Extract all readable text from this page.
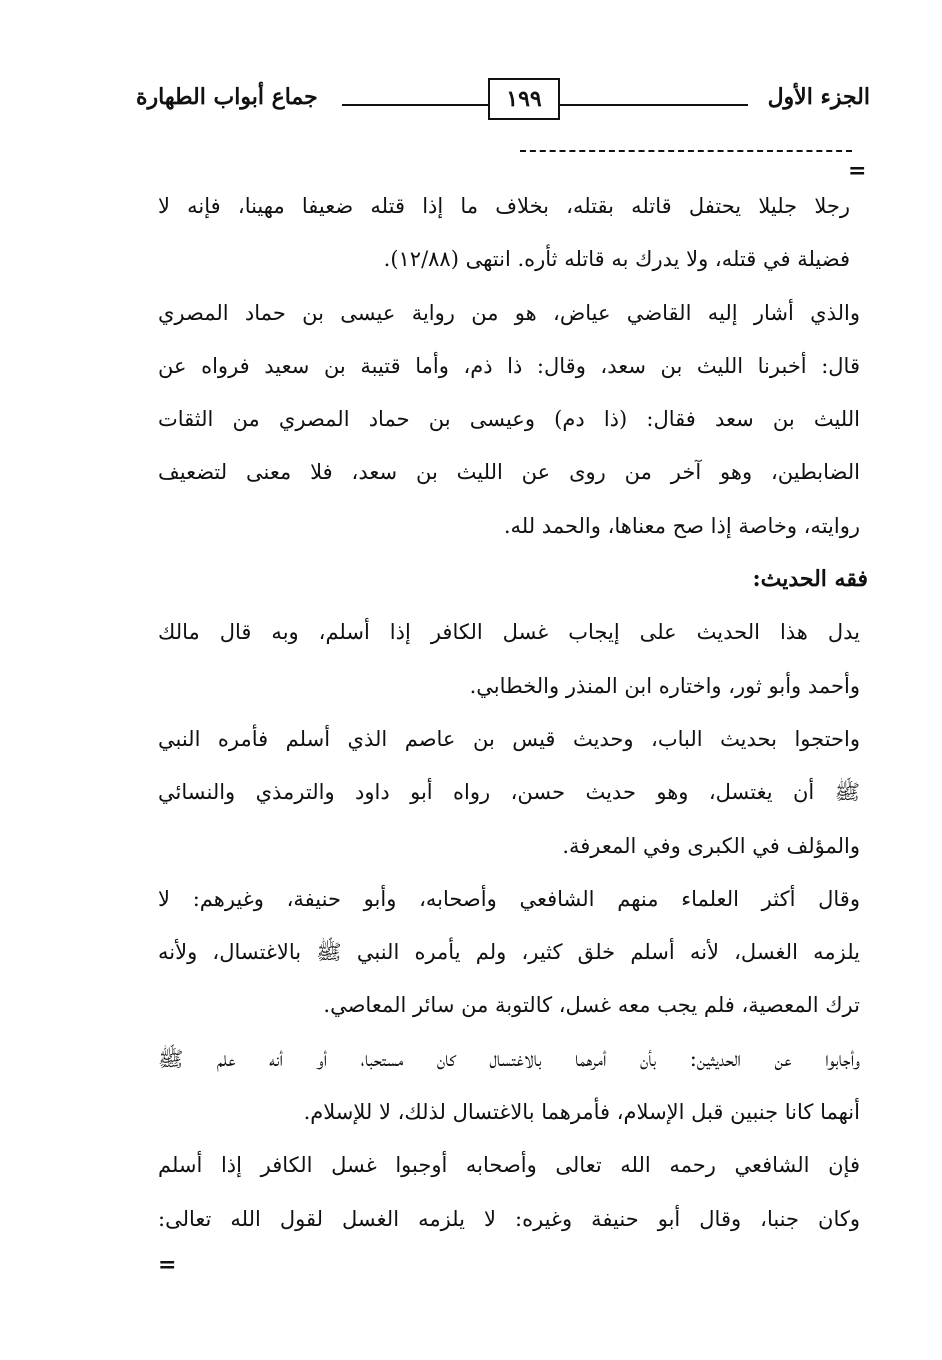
الجزء الأول
١٩٩
جماع أبواب الطهارة
=
رجلا جليلا يحتفل قاتله بقتله، بخلاف ما إذا قتله ضعيفا مهينا، فإنه لا
فضيلة في قتله، ولا يدرك به قاتله ثأره. انتهى (١٢/٨٨).
والذي أشار إليه القاضي عياض، هو من رواية عيسى بن حماد المصري
قال: أخبرنا الليث بن سعد، وقال: ذا ذم، وأما قتيبة بن سعيد فرواه عن
الليث بن سعد فقال: (ذا دم) وعيسى بن حماد المصري من الثقات
الضابطين، وهو آخر من روى عن الليث بن سعد، فلا معنى لتضعيف
روايته، وخاصة إذا صح معناها، والحمد لله.
فقه الحديث:
يدل هذا الحديث على إيجاب غسل الكافر إذا أسلم، وبه قال مالك
وأحمد وأبو ثور، واختاره ابن المنذر والخطابي.
واحتجوا بحديث الباب، وحديث قيس بن عاصم الذي أسلم فأمره النبي
ﷺ أن يغتسل، وهو حديث حسن، رواه أبو داود والترمذي والنسائي
والمؤلف في الكبرى وفي المعرفة.
وقال أكثر العلماء منهم الشافعي وأصحابه، وأبو حنيفة، وغيرهم: لا
يلزمه الغسل، لأنه أسلم خلق كثير، ولم يأمره النبي ﷺ بالاغتسال، ولأنه
ترك المعصية، فلم يجب معه غسل، كالتوبة من سائر المعاصي.
وأجابوا عن الحديثين: بأن أمرهما بالاغتسال كان مستحبا، أو أنه علم ﷺ
أنهما كانا جنبين قبل الإسلام، فأمرهما بالاغتسال لذلك، لا للإسلام.
فإن الشافعي رحمه الله تعالى وأصحابه أوجبوا غسل الكافر إذا أسلم
وكان جنبا، وقال أبو حنيفة وغيره: لا يلزمه الغسل لقول الله تعالى:
=
